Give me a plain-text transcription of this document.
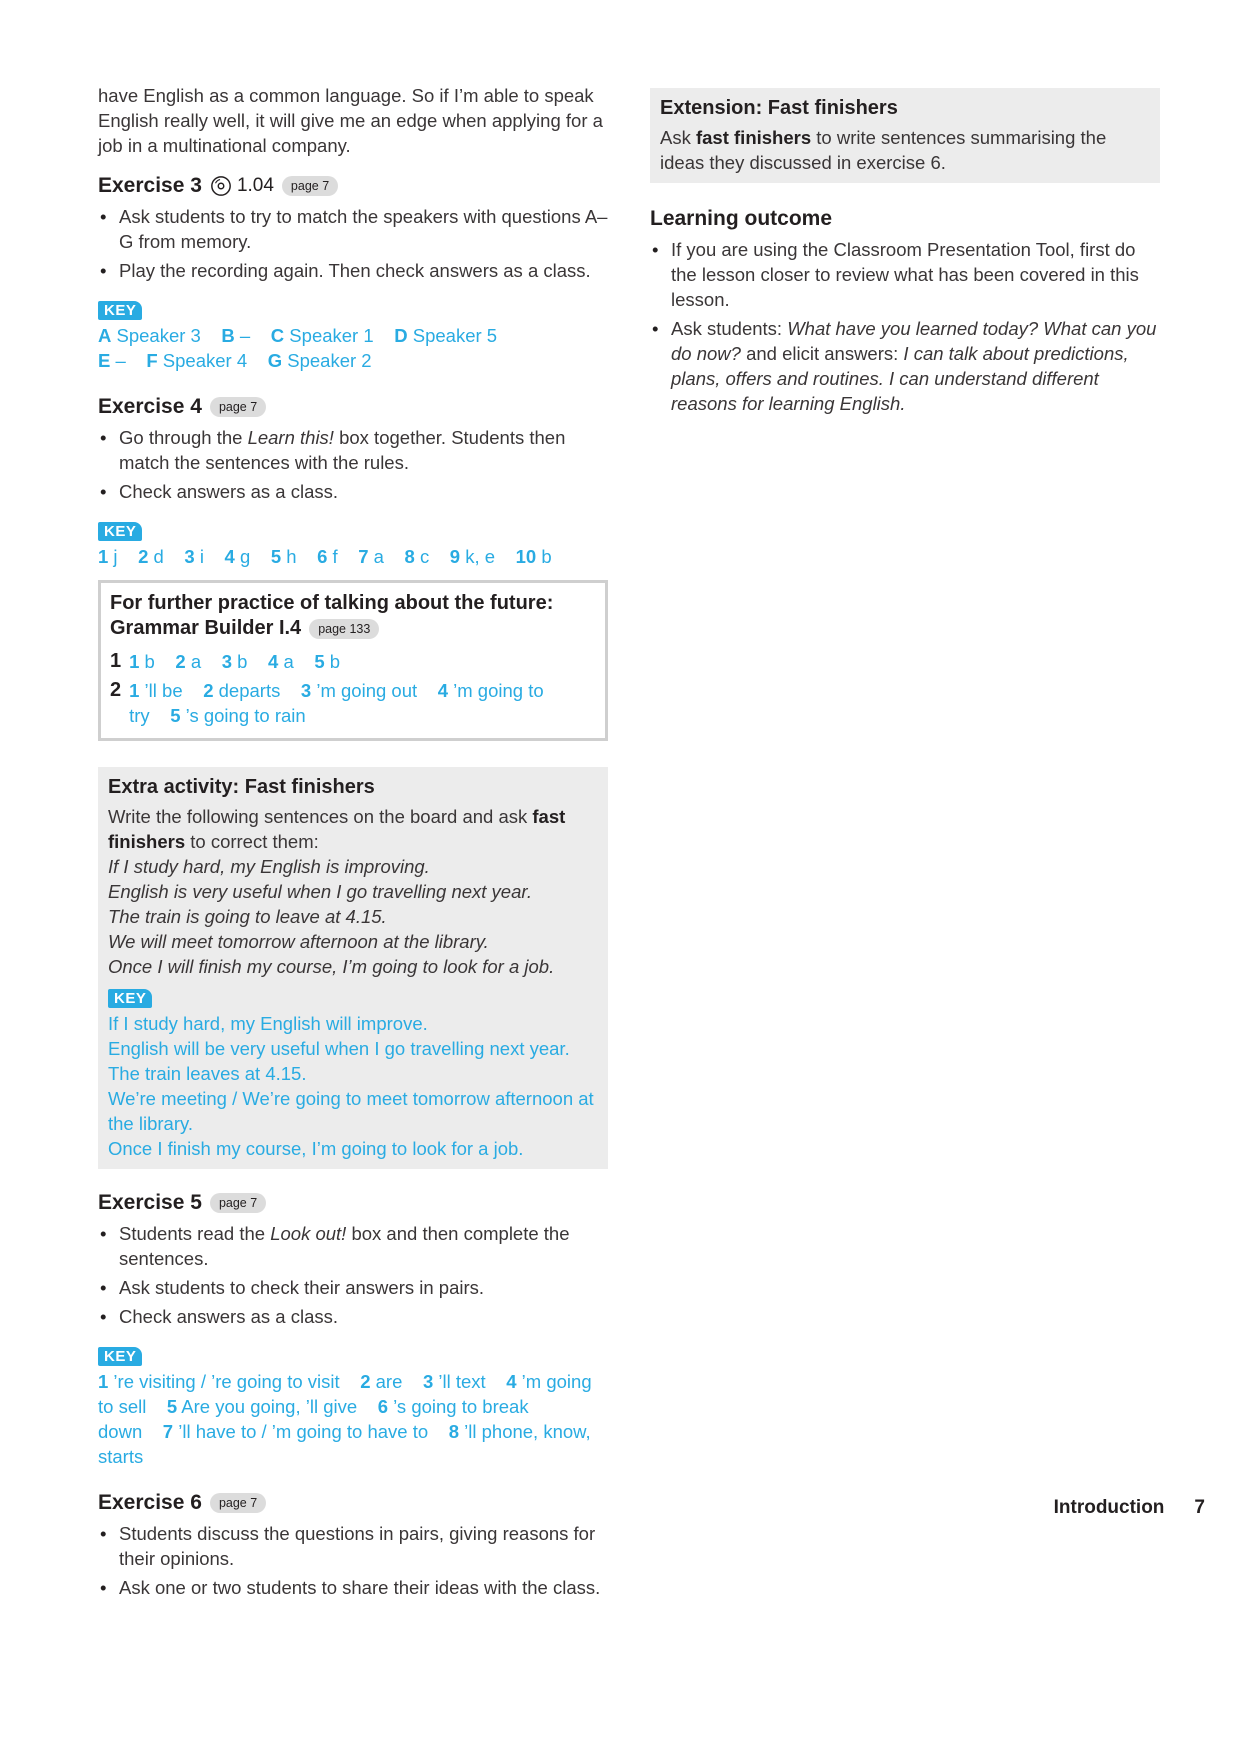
have English as a common language. So if I’m able to speak English really well, it will give me an edge when applying for a job in a multinational company.

Exercise 3 1.04	page 7
• Ask students to try to match the speakers with questions A–G from memory.
• Play the recording again. Then check answers as a class.
KEY
A Speaker 3 B – C Speaker 1 D Speaker 5
E – F Speaker 4 G Speaker 2
Exercise 4	page 7
• Go through the Learn this! box together. Students then match the sentences with the rules.
• Check answers as a class.
KEY
1 j 2 d 3 i 4 g 5 h 6 f 7 a 8 c 9 k, e 10 b
For further practice of talking about the future:
Grammar Builder I.4	page 133
1 1 b 2 a 3 b 4 a 5 b
2 1 ’ll be 2 departs 3 ’m going out 4 ’m going to try 5 ’s going to rain
Extra activity: Fast finishers

Write the following sentences on the board and ask fast finishers to correct them:

If I study hard, my English is improving.

English is very useful when I go travelling next year.

The train is going to leave at 4.15.

We will meet tomorrow afternoon at the library.

Once I will finish my course, I’m going to look for a job.

KEY

If I study hard, my English will improve.

English will be very useful when I go travelling next year.

The train leaves at 4.15.

We’re meeting / We’re going to meet tomorrow afternoon at the library.

Once I finish my course, I’m going to look for a job.

Exercise 5	page 7
• Students read the Look out! box and then complete the sentences.
• Ask students to check their answers in pairs.
• Check answers as a class.
KEY
1 ’re visiting / ’re going to visit 2 are 3 ’ll text 4 ’m going to sell 5 Are you going, ’ll give 6 ’s going to break down 7 ’ll have to / ’m going to have to 8 ’ll phone, know, starts
Exercise 6	page 7
• Students discuss the questions in pairs, giving reasons for their opinions.
• Ask one or two students to share their ideas with the class.
Extension: Fast finishers

Ask fast finishers to write sentences summarising the ideas they discussed in exercise 6.

Learning outcome
• If you are using the Classroom Presentation Tool, first do the lesson closer to review what has been covered in this lesson.
• Ask students: What have you learned today? What can you do now? and elicit answers: I can talk about predictions, plans, offers and routines. I can understand different reasons for learning English.
Introduction 7
